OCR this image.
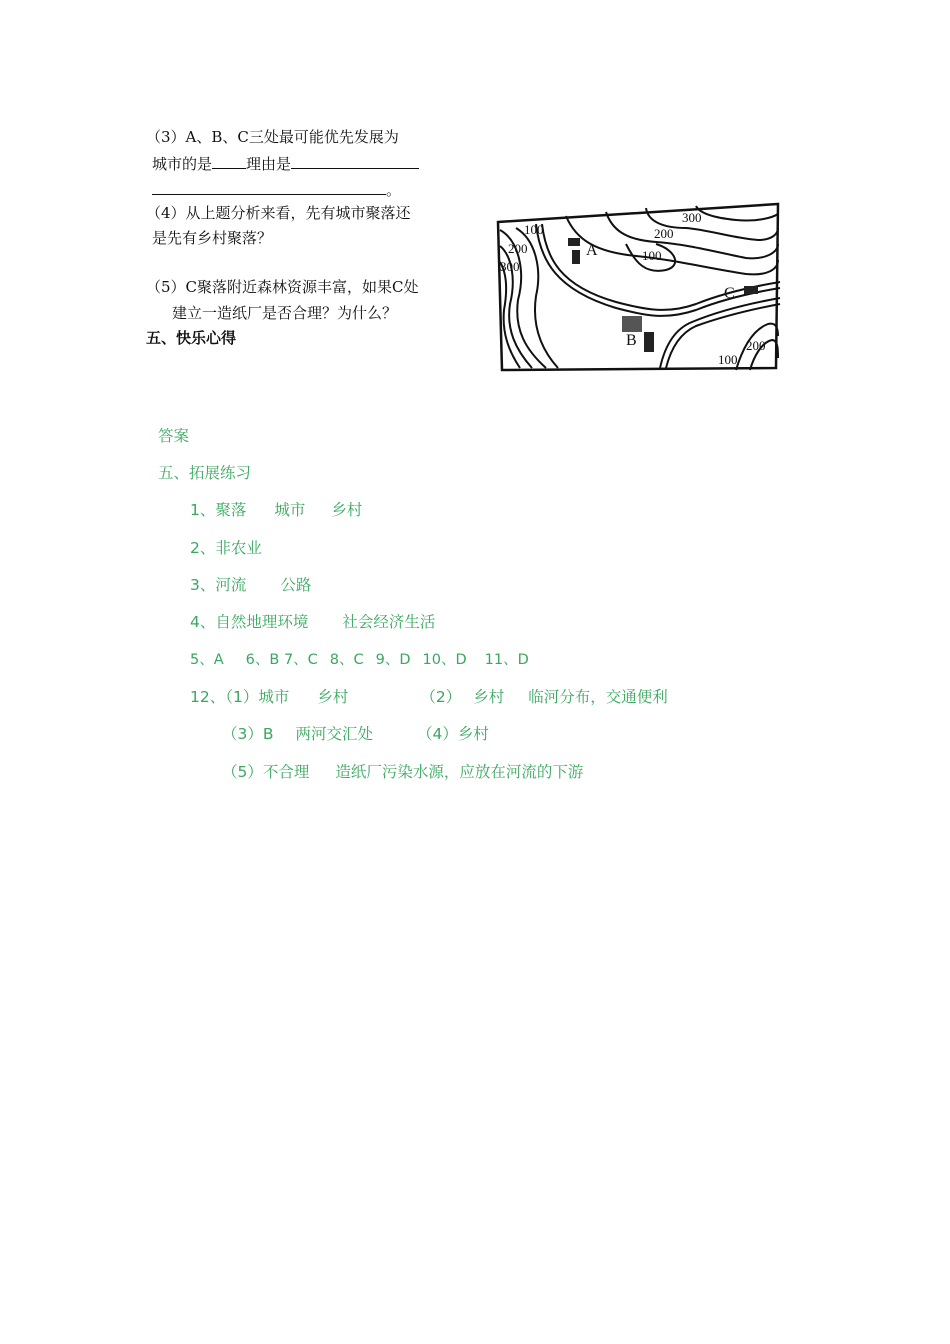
（3）A、B、C三处最可能优先发展为
城市的是 理由是
。
（4）从上题分析来看，先有城市聚落还
是先有乡村聚落？
（5）C聚落附近森林资源丰富，如果C处
建立一造纸厂是否合理？为什么？
五、快乐心得
A
B
C
100
200
300
300
200
100
200
100
答案
五、拓展练习
1、聚落 城市 乡村
2、非农业
3、河流 公路
4、自然地理环境 社会经济生活
5、A 6、B 7、C 8、C 9、D 10、D 11、D
12、（1）城市 乡村	（2） 乡村 临河分布，交通便利
（3）B 两河交汇处	（4）乡村
（5）不合理 造纸厂污染水源，应放在河流的下游
